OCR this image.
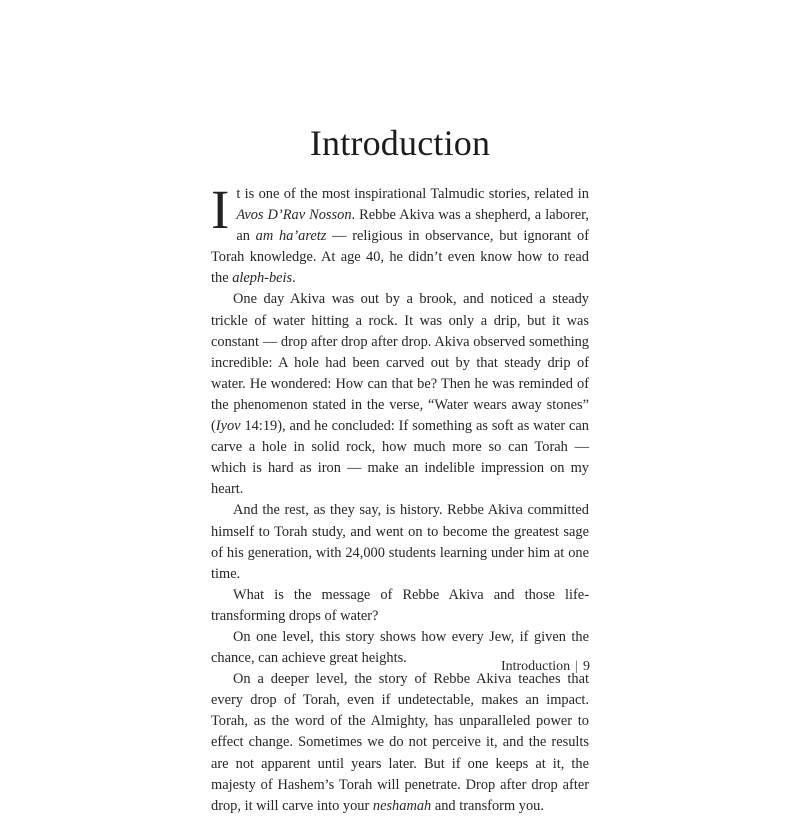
Introduction

It is one of the most inspirational Talmudic stories, related in Avos D’Rav Nosson. Rebbe Akiva was a shepherd, a laborer, an am ha’aretz — religious in observance, but ignorant of Torah knowledge. At age 40, he didn’t even know how to read the aleph-beis.

One day Akiva was out by a brook, and noticed a steady trickle of water hitting a rock. It was only a drip, but it was constant — drop after drop after drop. Akiva observed something incredible: A hole had been carved out by that steady drip of water. He wondered: How can that be? Then he was reminded of the phenomenon stated in the verse, “Water wears away stones” (Iyov 14:19), and he concluded: If something as soft as water can carve a hole in solid rock, how much more so can Torah — which is hard as iron — make an indelible impression on my heart.

And the rest, as they say, is history. Rebbe Akiva committed himself to Torah study, and went on to become the greatest sage of his generation, with 24,000 students learning under him at one time.

What is the message of Rebbe Akiva and those life-transforming drops of water?

On one level, this story shows how every Jew, if given the chance, can achieve great heights.

On a deeper level, the story of Rebbe Akiva teaches that every drop of Torah, even if undetectable, makes an impact. Torah, as the word of the Almighty, has unparalleled power to effect change. Sometimes we do not perceive it, and the results are not apparent until years later. But if one keeps at it, the majesty of Hashem’s Torah will penetrate. Drop after drop after drop, it will carve into your neshamah and transform you.

Introduction | 9
